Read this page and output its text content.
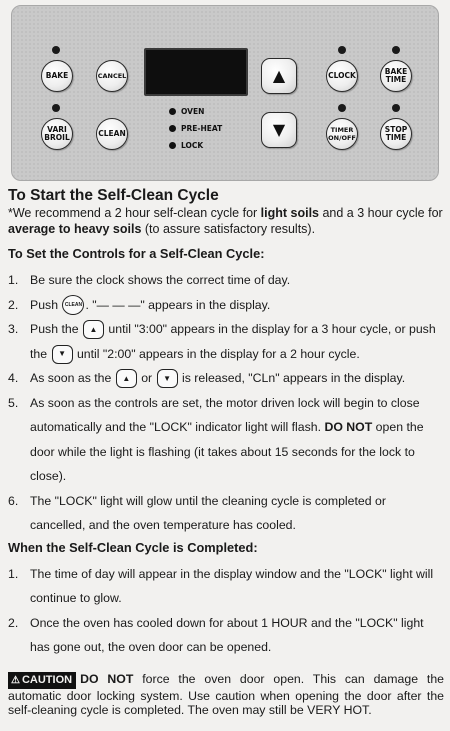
BAKE	CANCEL
VARI
BROIL	CLEAN
OVEN
PRE-HEAT
LOCK
▲
▼
CLOCK	BAKE
TIME
TIMER
ON/OFF
STOP
TIME
To Start the Self-Clean Cycle

*We recommend a 2 hour self-clean cycle for light soils and a 3 hour cycle for average to heavy soils (to assure satisfactory results).

To Set the Controls for a Self-Clean Cycle:
1. Be sure the clock shows the correct time of day.
2. Push CLEAN . "— — —" appears in the display.
3. Push the ▲ until "3:00" appears in the display for a 3 hour cycle, or push
the ▼ until "2:00" appears in the display for a 2 hour cycle.
4. As soon as the ▲ or ▼ is released, "CLn" appears in the display.
5. As soon as the controls are set, the motor driven lock will begin to close automatically and the "LOCK" indicator light will flash. DO NOT open the door while the light is flashing (it takes about 15 seconds for the lock to close).
6. The "LOCK" light will glow until the cleaning cycle is completed or cancelled, and the oven temperature has cooled.
When the Self-Clean Cycle is Completed:
1. The time of day will appear in the display window and the "LOCK" light will continue to glow.
2. Once the oven has cooled down for about 1 HOUR and the "LOCK" light has gone out, the oven door can be opened.

⚠ CAUTION DO NOT force the oven door open. This can damage the automatic door locking system. Use caution when opening the door after the self-cleaning cycle is completed. The oven may still be VERY HOT.
